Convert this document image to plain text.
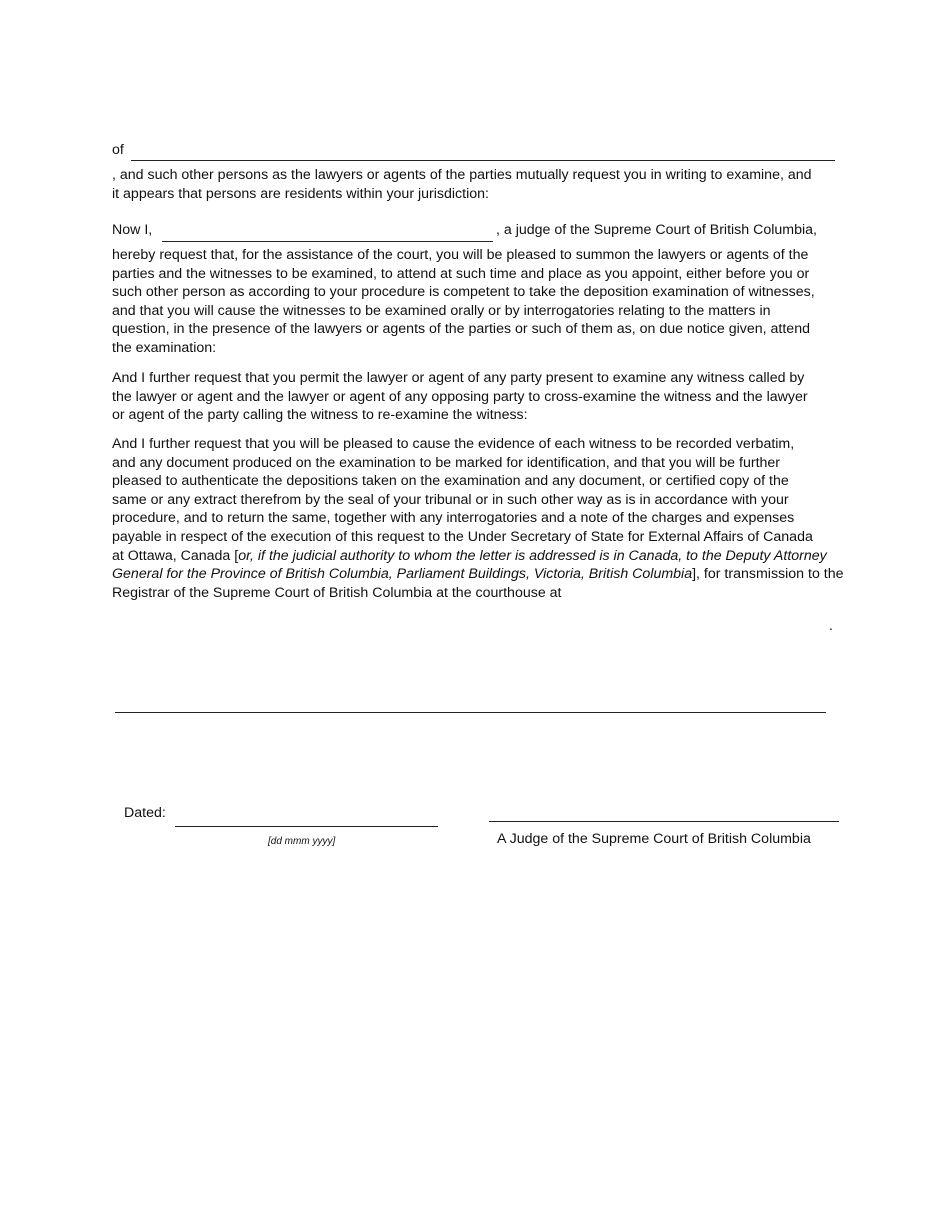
of
, and such other persons as the lawyers or agents of the parties mutually request you in writing to examine, and
it appears that persons are residents within your jurisdiction:
Now I,	, a judge of the Supreme Court of British Columbia,
hereby request that, for the assistance of the court, you will be pleased to summon the lawyers or agents of the
parties and the witnesses to be examined, to attend at such time and place as you appoint, either before you or
such other person as according to your procedure is competent to take the deposition examination of witnesses,
and that you will cause the witnesses to be examined orally or by interrogatories relating to the matters in
question, in the presence of the lawyers or agents of the parties or such of them as, on due notice given, attend
the examination:
And I further request that you permit the lawyer or agent of any party present to examine any witness called by
the lawyer or agent and the lawyer or agent of any opposing party to cross-examine the witness and the lawyer
or agent of the party calling the witness to re-examine the witness:
And I further request that you will be pleased to cause the evidence of each witness to be recorded verbatim,
and any document produced on the examination to be marked for identification, and that you will be further
pleased to authenticate the depositions taken on the examination and any document, or certified copy of the
same or any extract therefrom by the seal of your tribunal or in such other way as is in accordance with your
procedure, and to return the same, together with any interrogatories and a note of the charges and expenses
payable in respect of the execution of this request to the Under Secretary of State for External Affairs of Canada
at Ottawa, Canada [or, if the judicial authority to whom the letter is addressed is in Canada, to the Deputy Attorney
General for the Province of British Columbia, Parliament Buildings, Victoria, British Columbia], for transmission to the
Registrar of the Supreme Court of British Columbia at the courthouse at
.
Dated:
[dd mmm yyyy]	A Judge of the Supreme Court of British Columbia
